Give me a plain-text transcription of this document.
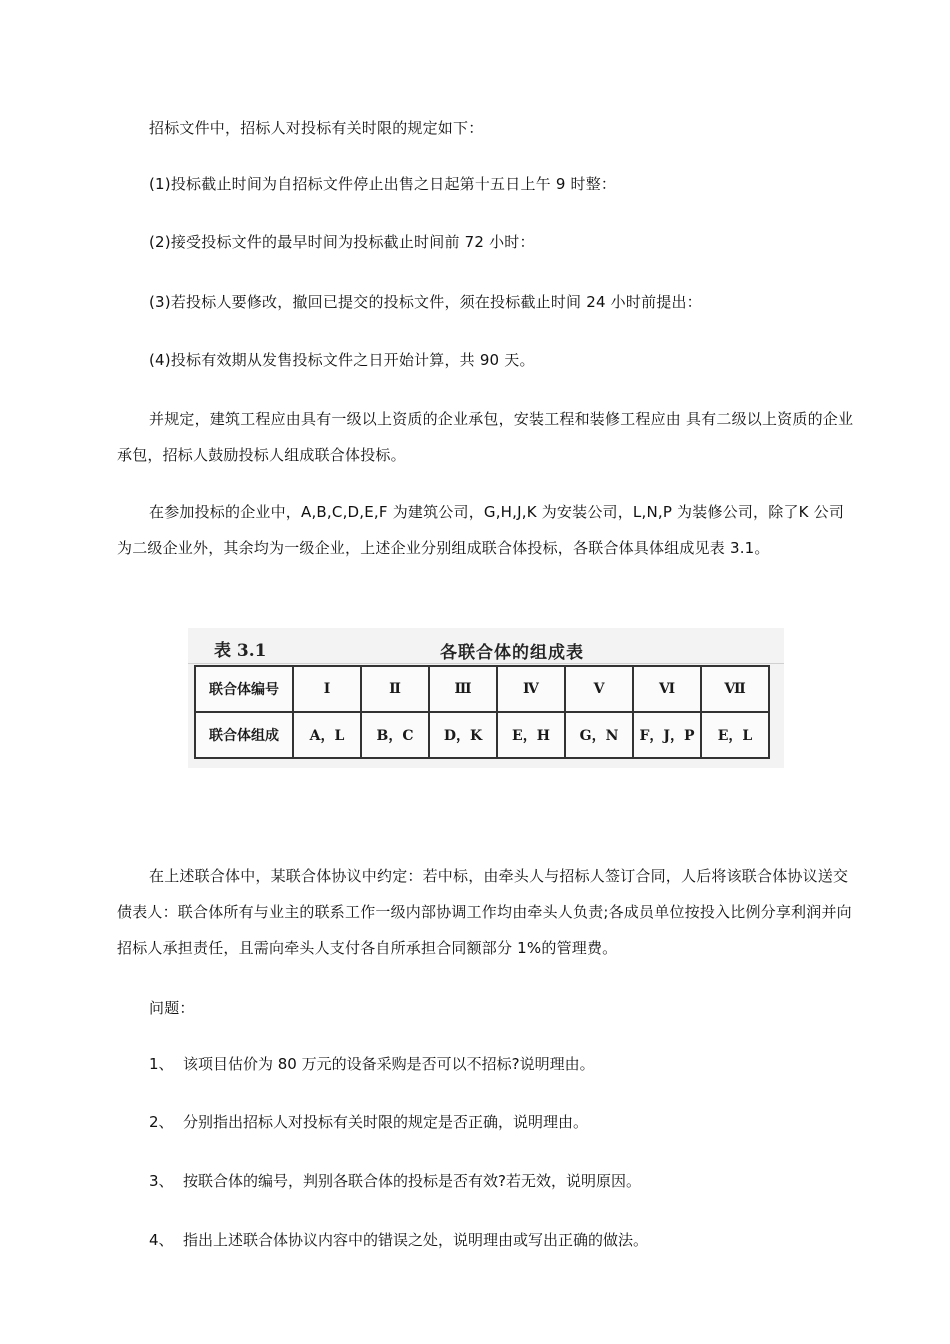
招标文件中，招标人对投标有关时限的规定如下：

(1)投标截止时间为自招标文件停止出售之日起第十五日上午 9 时整：

(2)接受投标文件的最早时间为投标截止时间前 72 小时：

(3)若投标人要修改，撤回已提交的投标文件，须在投标截止时间 24 小时前提出：

(4)投标有效期从发售投标文件之日开始计算，共 90 天。

并规定，建筑工程应由具有一级以上资质的企业承包，安装工程和装修工程应由 具有二级以上资质的企业承包，招标人鼓励投标人组成联合体投标。

在参加投标的企业中，A,B,C,D,E,F 为建筑公司，G,H,J,K 为安装公司，L,N,P 为装修公司，除了K 公司为二级企业外，其余均为一级企业，上述企业分别组成联合体投标，各联合体具体组成见表 3.1。

表 3.1	各联合体的组成表
联合体编号	I	Ⅱ	Ⅲ	Ⅳ	V	Ⅵ	Ⅶ
联合体组成	A，L	B，C	D，K	E，H	G，N	F，J，P	E，L

在上述联合体中，某联合体协议中约定：若中标，由牵头人与招标人签订合同，人后将该联合体协议送交债表人：联合体所有与业主的联系工作一级内部协调工作均由牵头人负责;各成员单位按投入比例分享利润并向招标人承担责任，且需向牵头人支付各自所承担合同额部分 1%的管理费。

问题：

1、 该项目估价为 80 万元的设备采购是否可以不招标?说明理由。
2、 分别指出招标人对投标有关时限的规定是否正确，说明理由。
3、 按联合体的编号，判别各联合体的投标是否有效?若无效，说明原因。
4、 指出上述联合体协议内容中的错误之处，说明理由或写出正确的做法。
